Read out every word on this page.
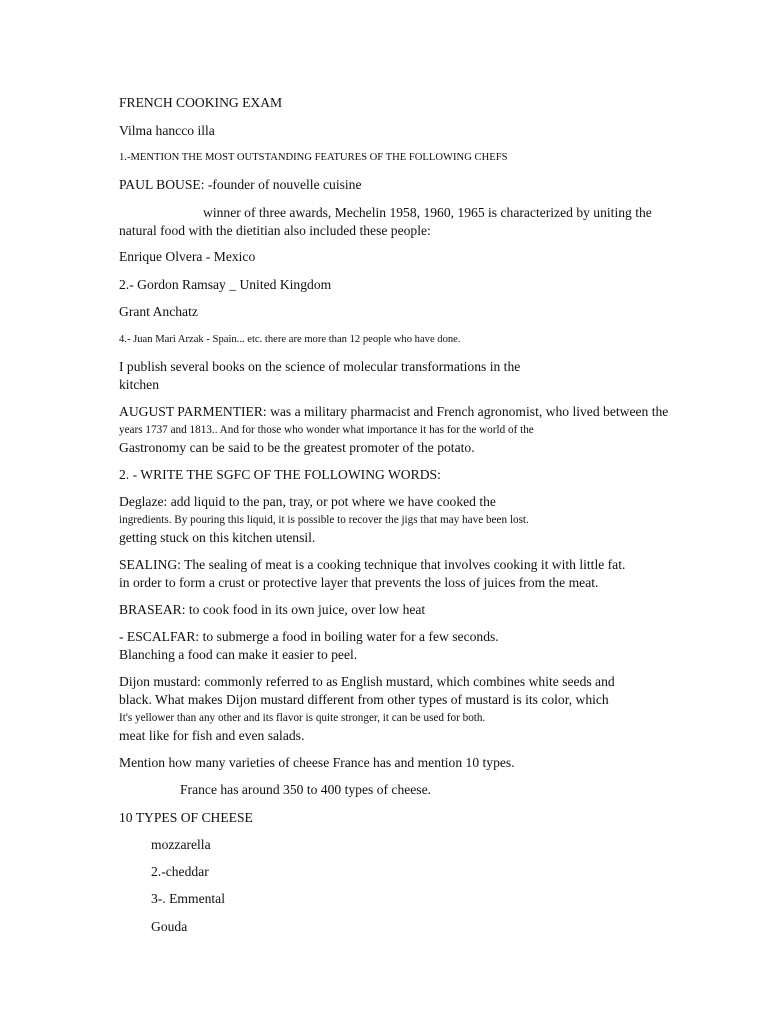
FRENCH COOKING EXAM

Vilma hancco illa

1.-MENTION THE MOST OUTSTANDING FEATURES OF THE FOLLOWING CHEFS

PAUL BOUSE: -founder of nouvelle cuisine

winner of three awards, Mechelin 1958, 1960, 1965 is characterized by uniting the

natural food with the dietitian also included these people:

Enrique Olvera - Mexico

2.- Gordon Ramsay _ United Kingdom

Grant Anchatz

4.- Juan Mari Arzak - Spain... etc. there are more than 12 people who have done.

I publish several books on the science of molecular transformations in the

kitchen

AUGUST PARMENTIER: was a military pharmacist and French agronomist, who lived between the

years 1737 and 1813.. And for those who wonder what importance it has for the world of the

Gastronomy can be said to be the greatest promoter of the potato.

2. - WRITE THE SGFC OF THE FOLLOWING WORDS:

Deglaze: add liquid to the pan, tray, or pot where we have cooked the

ingredients. By pouring this liquid, it is possible to recover the jigs that may have been lost.

getting stuck on this kitchen utensil.

SEALING: The sealing of meat is a cooking technique that involves cooking it with little fat.

in order to form a crust or protective layer that prevents the loss of juices from the meat.

BRASEAR: to cook food in its own juice, over low heat

- ESCALFAR: to submerge a food in boiling water for a few seconds.

Blanching a food can make it easier to peel.

Dijon mustard: commonly referred to as English mustard, which combines white seeds and

black. What makes Dijon mustard different from other types of mustard is its color, which

It's yellower than any other and its flavor is quite stronger, it can be used for both.

meat like for fish and even salads.

Mention how many varieties of cheese France has and mention 10 types.

France has around 350 to 400 types of cheese.

10 TYPES OF CHEESE

mozzarella

2.-cheddar

3-. Emmental

Gouda
